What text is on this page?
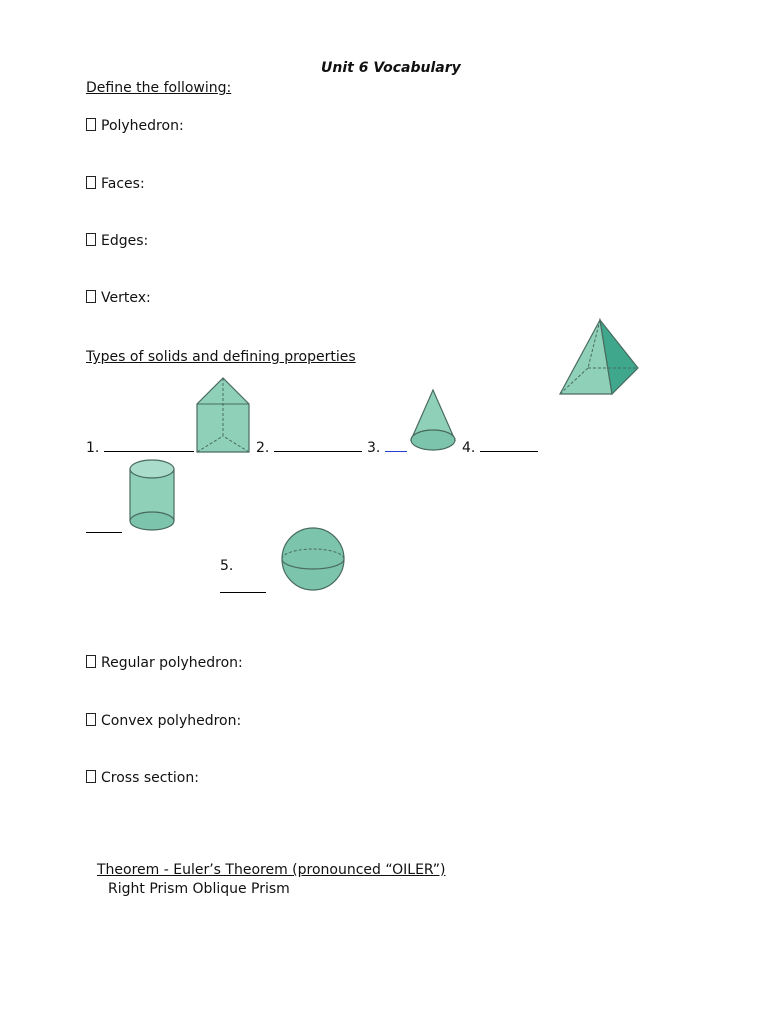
Unit 6 Vocabulary
Define the following:
Polyhedron:
Faces:
Edges:
Vertex:
Types of solids and defining properties
1.	2.	3.	4.
5.
Regular polyhedron:
Convex polyhedron:
Cross section:
Theorem - Euler’s Theorem (pronounced “OILER”)
Right Prism Oblique Prism
